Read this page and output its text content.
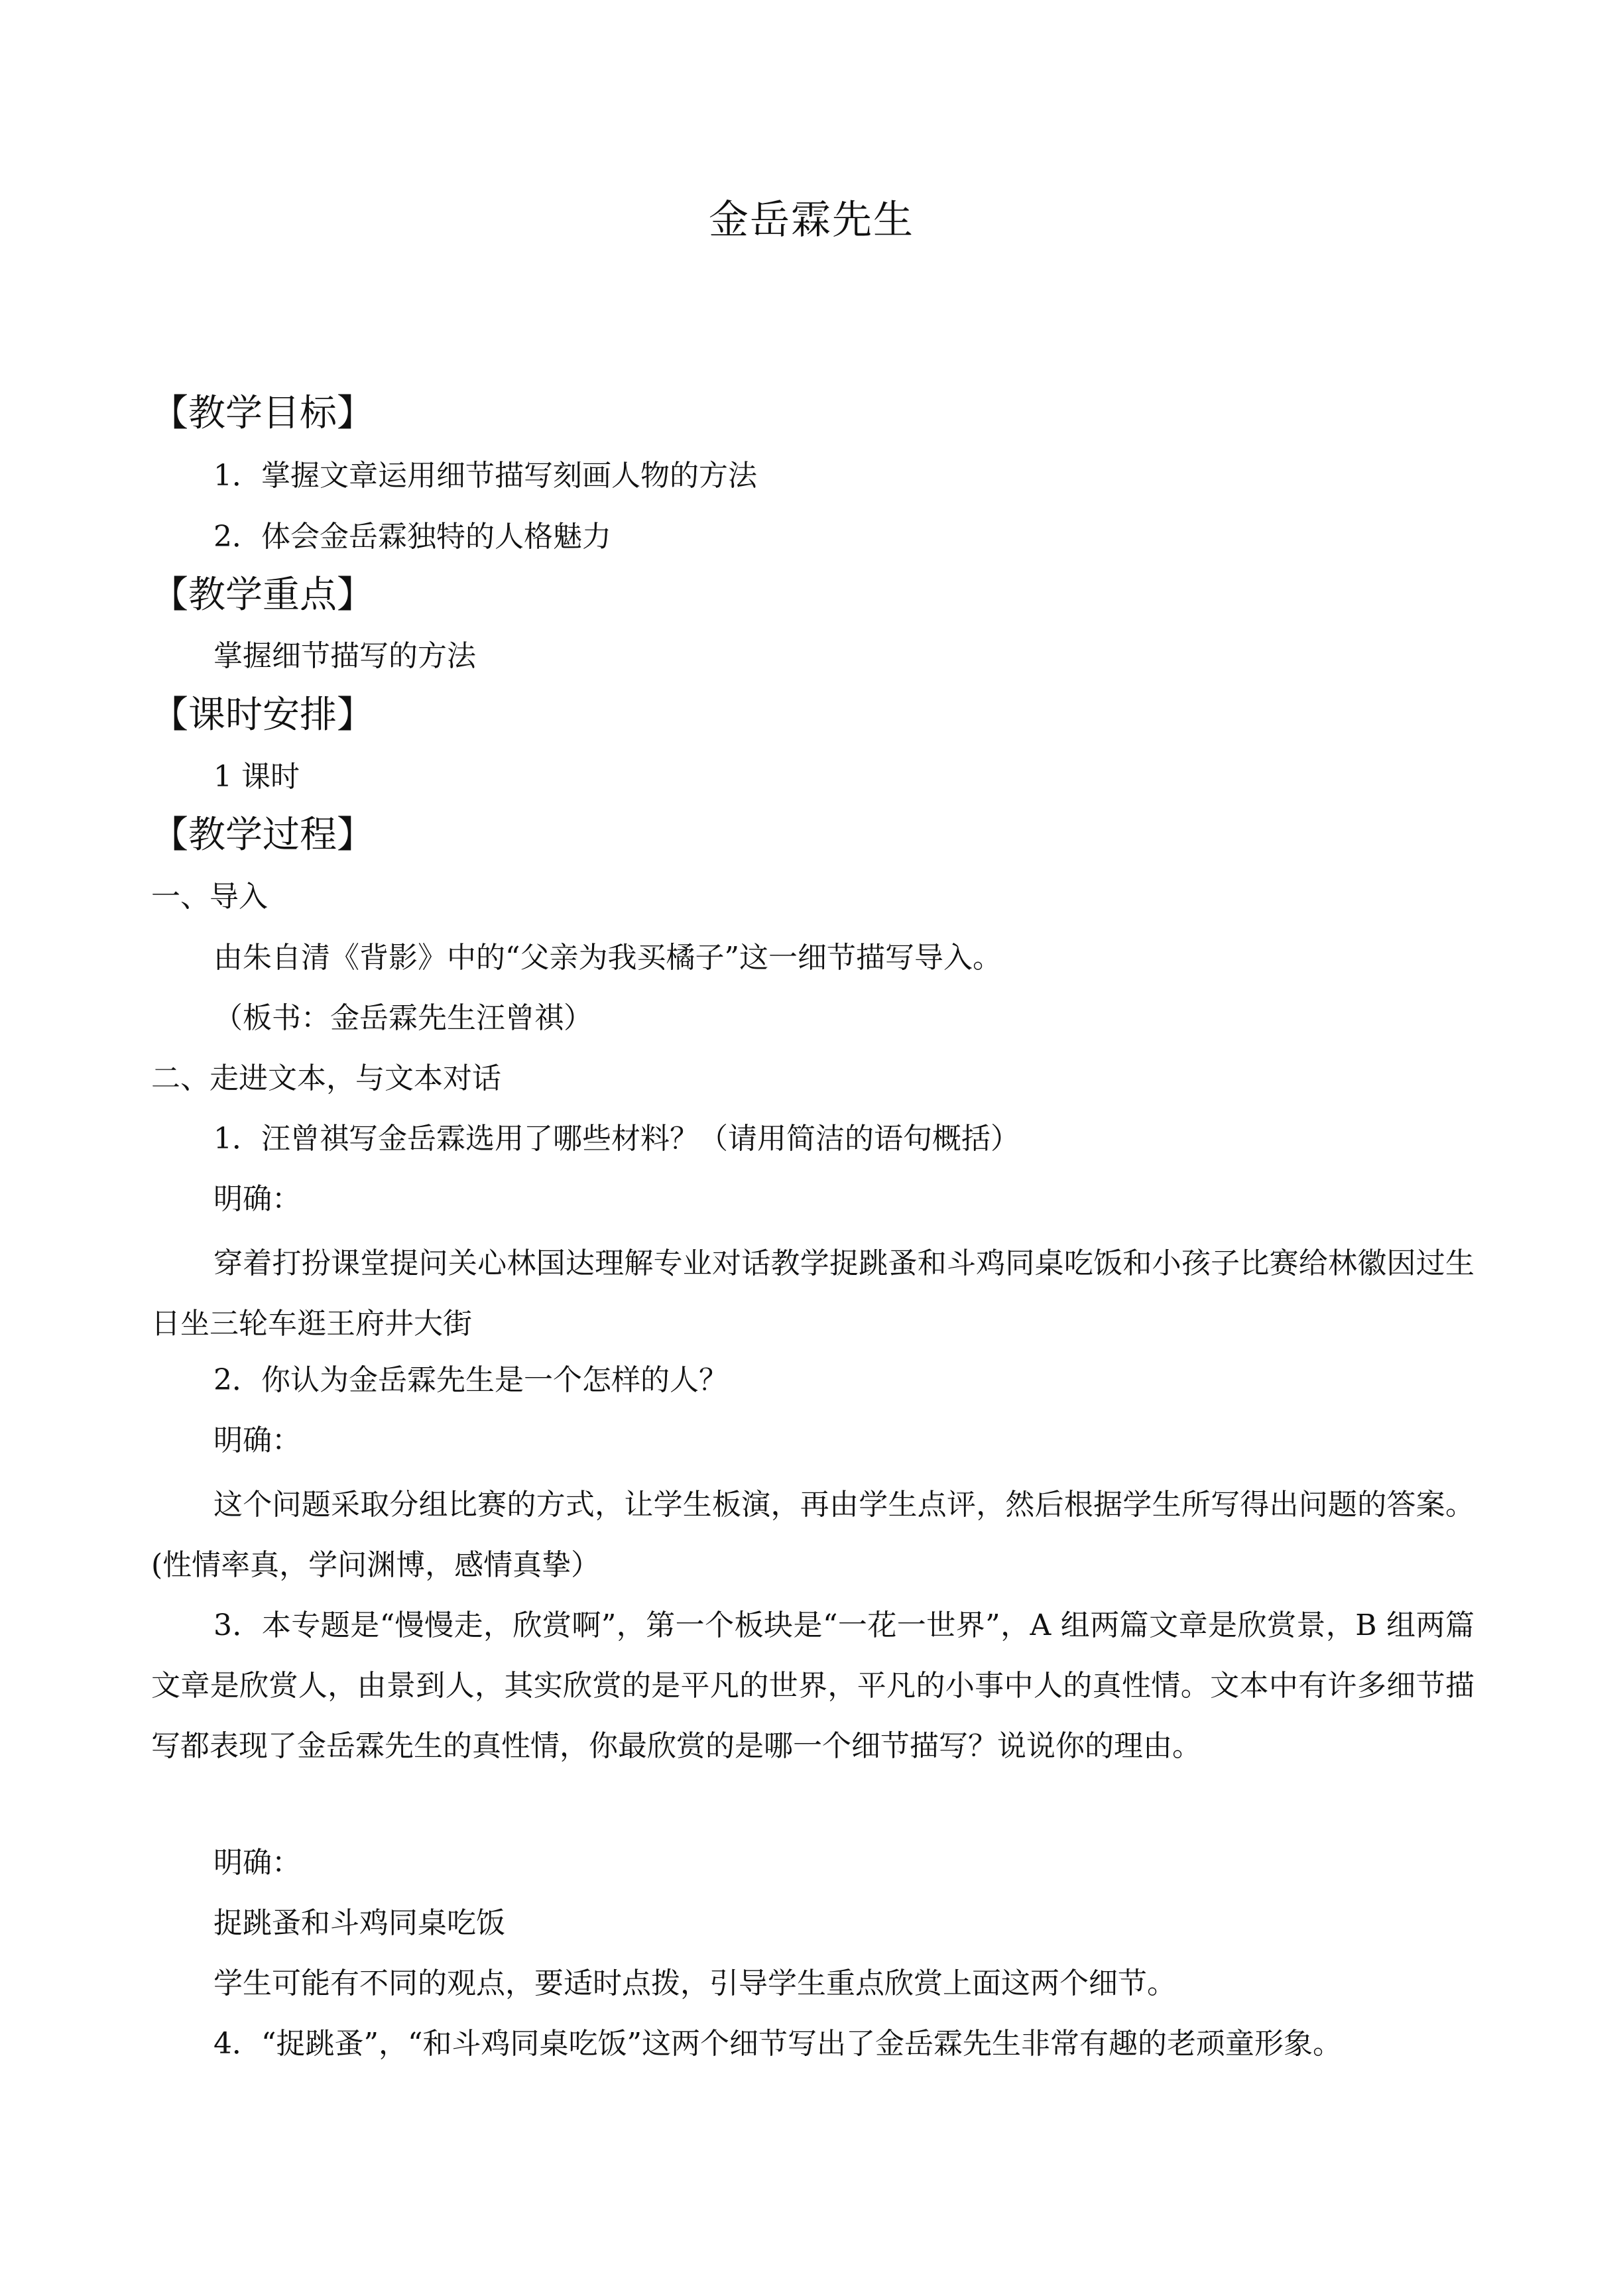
金岳霖先生
【教学目标】
1．掌握文章运用细节描写刻画人物的方法
2．体会金岳霖独特的人格魅力
【教学重点】
掌握细节描写的方法
【课时安排】
1 课时
【教学过程】
一、导入
由朱自清《背影》中的“父亲为我买橘子”这一细节描写导入。
（板书：金岳霖先生汪曾祺）
二、走进文本，与文本对话
1．汪曾祺写金岳霖选用了哪些材料？（请用简洁的语句概括）
明确：
穿着打扮课堂提问关心林国达理解专业对话教学捉跳蚤和斗鸡同桌吃饭和小孩子比赛给林徽因过生日坐三轮车逛王府井大街
2．你认为金岳霖先生是一个怎样的人？
明确：
这个问题采取分组比赛的方式，让学生板演，再由学生点评，然后根据学生所写得出问题的答案。(性情率真，学问渊博，感情真挚）
3．本专题是“慢慢走，欣赏啊”，第一个板块是“一花一世界”，A 组两篇文章是欣赏景，B 组两篇文章是欣赏人，由景到人，其实欣赏的是平凡的世界，平凡的小事中人的真性情。文本中有许多细节描写都表现了金岳霖先生的真性情，你最欣赏的是哪一个细节描写？说说你的理由。
明确：
捉跳蚤和斗鸡同桌吃饭
学生可能有不同的观点，要适时点拨，引导学生重点欣赏上面这两个细节。
4．“捉跳蚤”，“和斗鸡同桌吃饭”这两个细节写出了金岳霖先生非常有趣的老顽童形象。
